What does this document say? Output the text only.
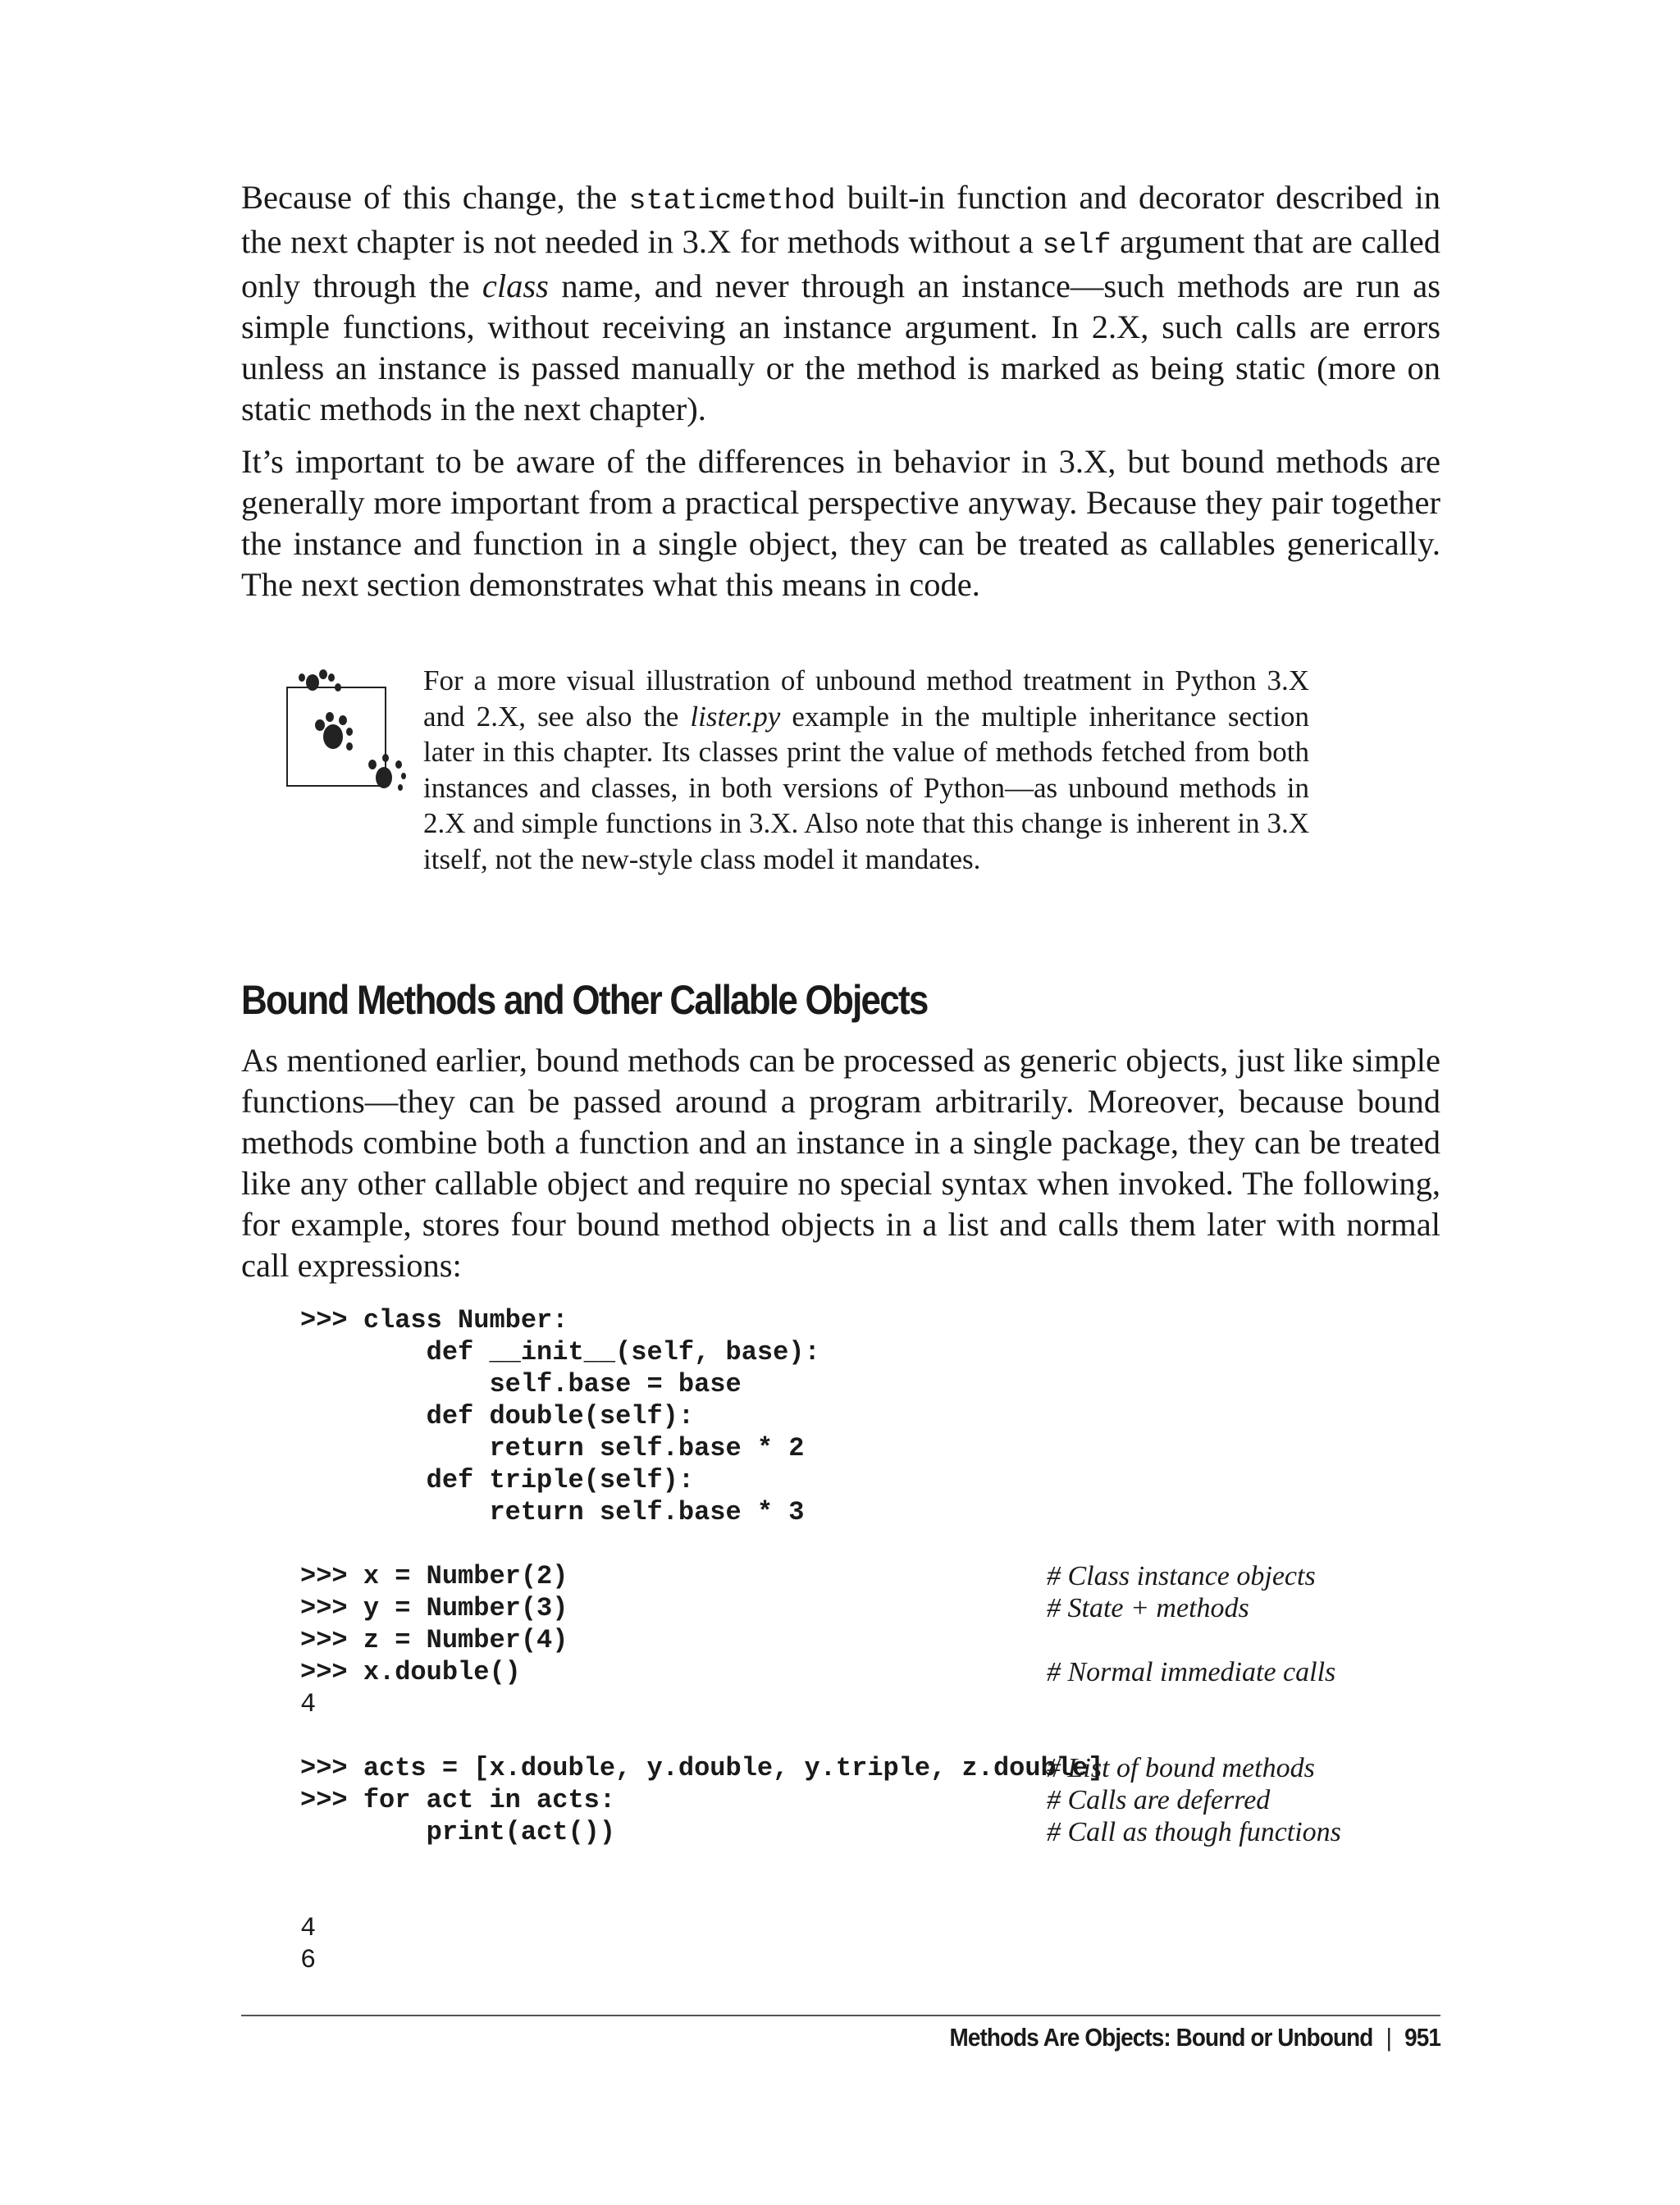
Because of this change, the staticmethod built-in function and decorator described in the next chapter is not needed in 3.X for methods without a self argument that are called only through the class name, and never through an instance—such methods are run as simple functions, without receiving an instance argument. In 2.X, such calls are errors unless an instance is passed manually or the method is marked as being static (more on static methods in the next chapter).

It’s important to be aware of the differences in behavior in 3.X, but bound methods are generally more important from a practical perspective anyway. Because they pair together the instance and function in a single object, they can be treated as callables generically. The next section demonstrates what this means in code.

For a more visual illustration of unbound method treatment in Python 3.X and 2.X, see also the lister.py example in the multiple inheritance section later in this chapter. Its classes print the value of methods fetched from both instances and classes, in both versions of Python—as unbound methods in 2.X and simple functions in 3.X. Also note that this change is inherent in 3.X itself, not the new-style class model it mandates.

Bound Methods and Other Callable Objects

As mentioned earlier, bound methods can be processed as generic objects, just like simple functions—they can be passed around a program arbitrarily. Moreover, because bound methods combine both a function and an instance in a single package, they can be treated like any other callable object and require no special syntax when invoked. The following, for example, stores four bound method objects in a list and calls them later with normal call expressions:

>>> class Number:
def __init__(self, base):
self.base = base
def double(self):
return self.base * 2
def triple(self):
return self.base * 3
>>> x = Number(2)	# Class instance objects
>>> y = Number(3)	# State + methods
>>> z = Number(4)
>>> x.double()	# Normal immediate calls
4
>>> acts = [x.double, y.double, y.triple, z.double]
# List of bound methods
>>> for act in acts:	# Calls are deferred
print(act())	# Call as though functions
4
6
Methods Are Objects: Bound or Unbound | 951
